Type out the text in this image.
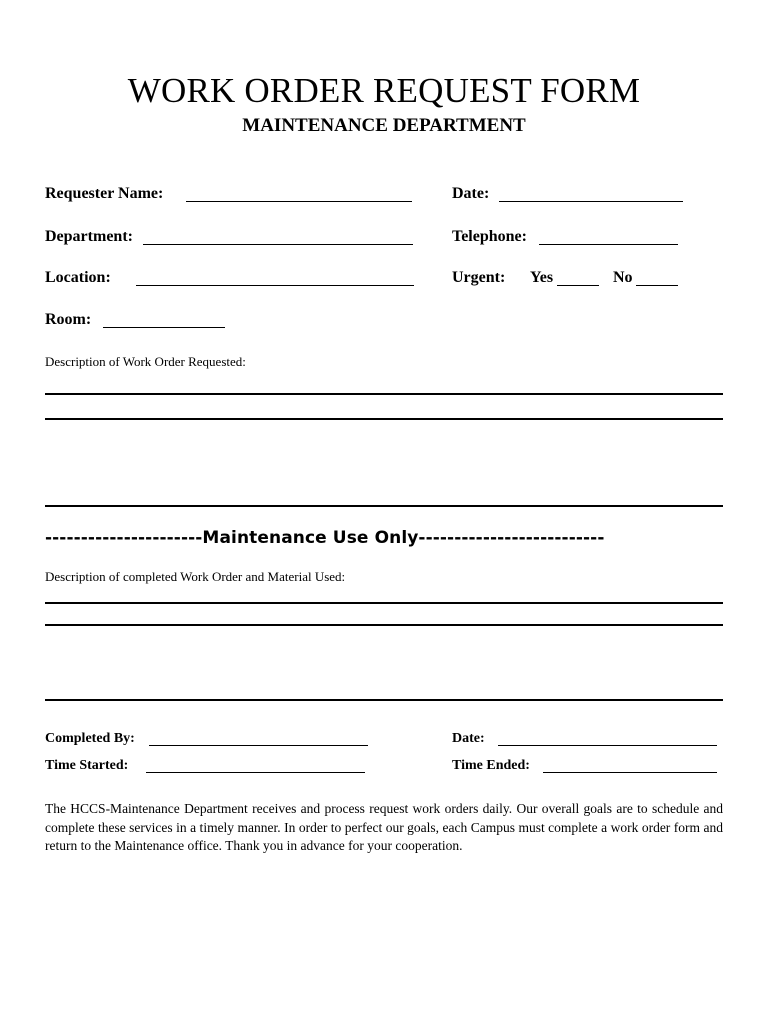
WORK ORDER REQUEST FORM
MAINTENANCE DEPARTMENT
Requester Name:	Date:
Department:	Telephone:
Location:	Urgent: Yes	No
Room:
Description of Work Order Requested:
----------------------Maintenance Use Only--------------------------
Description of completed Work Order and Material Used:
Completed By:	Date:
Time Started:	Time Ended:

The HCCS-Maintenance Department receives and process request work orders daily. Our overall goals are to schedule and complete these services in a timely manner. In order to perfect our goals, each Campus must complete a work order form and return to the Maintenance office. Thank you in advance for your cooperation.
